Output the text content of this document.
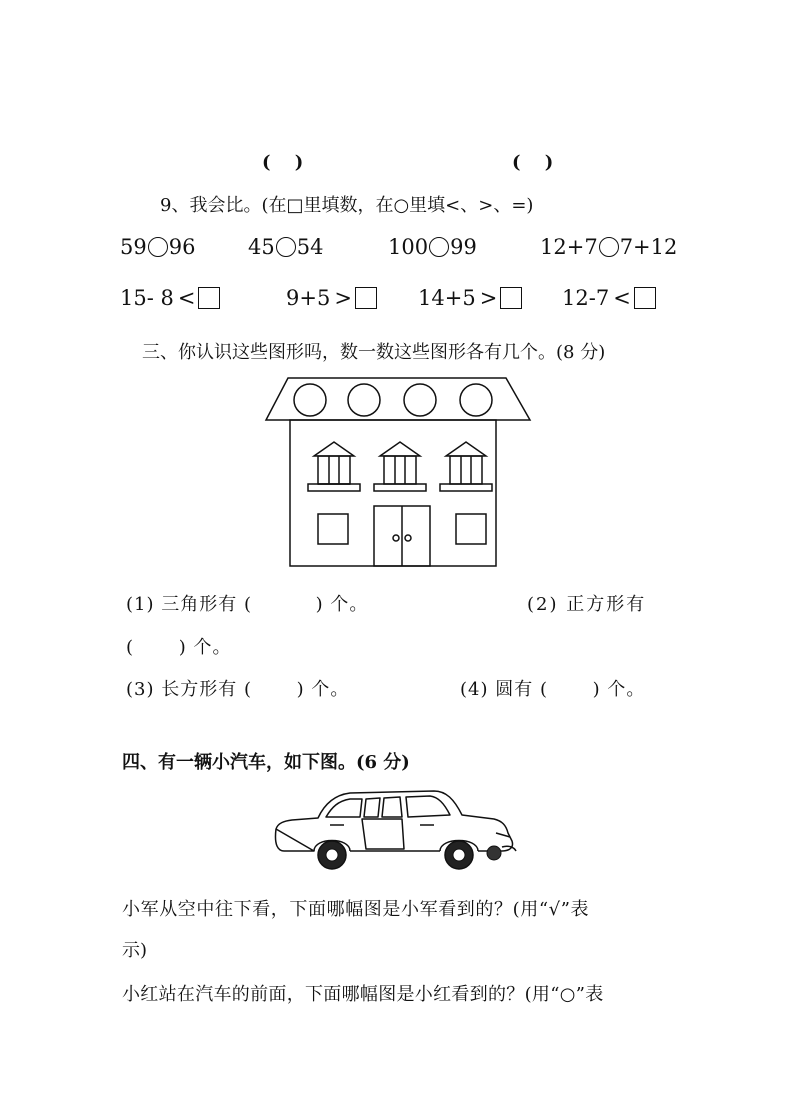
(　 )	(　 )
9、我会比。(在□里填数，在○里填<、>、=)
59 96	45 54	100 99	12+7 7+12
15- 8 <	9+5 >	14+5 >	12-7 <
三、你认识这些图形吗，数一数这些图形各有几个。(8 分)
(1) 三角形有 (　　　 ) 个。	(2) 正方形有
(　　 ) 个。
(3) 长方形有 (　　 ) 个。	(4) 圆有 (　　 ) 个。
四、有一辆小汽车，如下图。(6 分)
小军从空中往下看，下面哪幅图是小军看到的？(用“√”表
示)
小红站在汽车的前面，下面哪幅图是小红看到的？(用“○”表
